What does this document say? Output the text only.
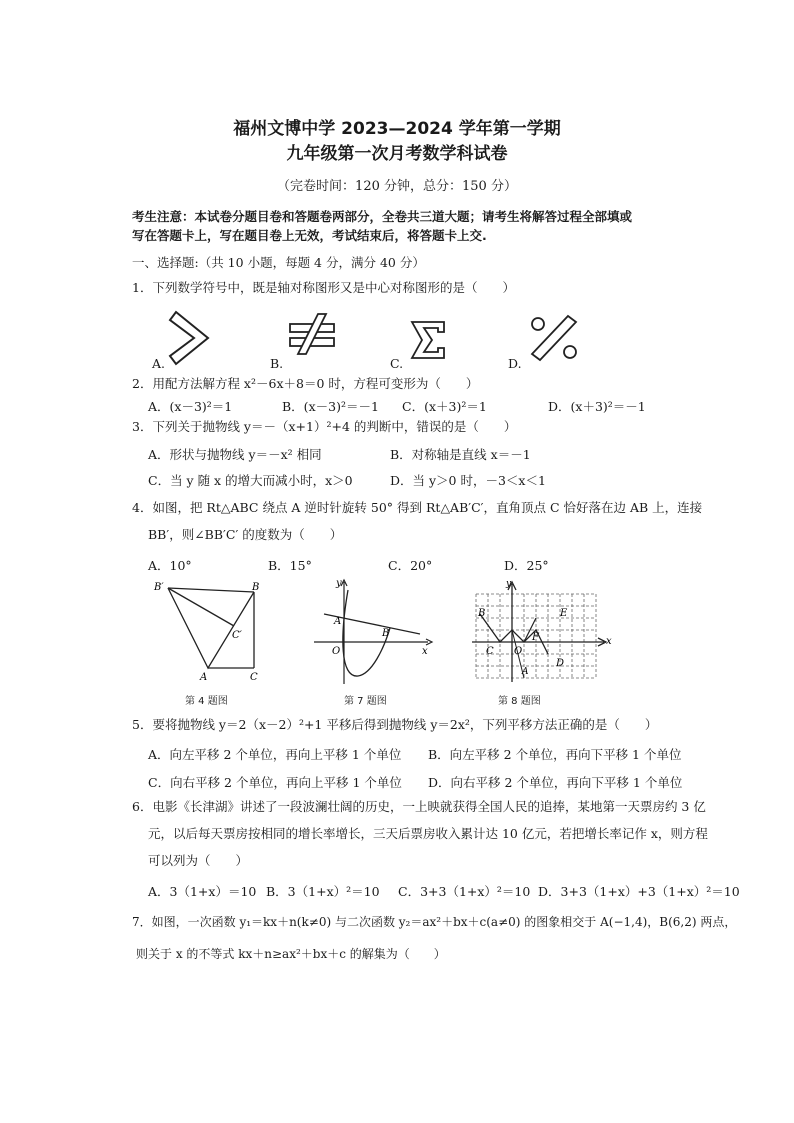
福州文博中学 2023—2024 学年第一学期
九年级第一次月考数学科试卷
（完卷时间：120 分钟，总分：150 分）
考生注意：本试卷分题目卷和答题卷两部分，全卷共三道大题；请考生将解答过程全部填或
写在答题卡上，写在题目卷上无效，考试结束后，将答题卡上交.
一、选择题:（共 10 小题，每题 4 分，满分 40 分）
1．下列数学符号中，既是轴对称图形又是中心对称图形的是（　　）
A.	B.	C.	D.
2．用配方法解方程 x²－6x＋8＝0 时，方程可变形为（　　）
A．(x－3)²＝1	B．(x－3)²＝－1 C．(x＋3)²＝1	D．(x＋3)²＝－1
3．下列关于抛物线 y＝－（x+1）²+4 的判断中，错误的是（　　）
A．形状与抛物线 y＝－x² 相同	B．对称轴是直线 x＝－1
C．当 y 随 x 的增大而减小时，x＞0	D．当 y＞0 时，－3＜x＜1
4．如图，把 Rt△ABC 绕点 A 逆时针旋转 50° 得到 Rt△AB′C′，直角顶点 C 恰好落在边 AB 上，连接
BB′，则∠BB′C′ 的度数为（　　）
A．10°	B．15°	C．20°	D．25°
B′	B
C′
A	C
第 4 题图
y
A
B
O	x
第 7 题图
y
B	E
F
C O
D
A
x
第 8 题图
5．要将抛物线 y＝2（x－2）²+1 平移后得到抛物线 y＝2x²，下列平移方法正确的是（　　）
A．向左平移 2 个单位，再向上平移 1 个单位 B．向左平移 2 个单位，再向下平移 1 个单位
C．向右平移 2 个单位，再向上平移 1 个单位 D．向右平移 2 个单位，再向下平移 1 个单位
6．电影《长津湖》讲述了一段波澜壮阔的历史，一上映就获得全国人民的追捧，某地第一天票房约 3 亿
元，以后每天票房按相同的增长率增长，三天后票房收入累计达 10 亿元，若把增长率记作 x，则方程
可以列为（　　）
A．3（1+x）＝10 B．3（1+x）²＝10 C．3+3（1+x）²＝10 D．3+3（1+x）+3（1+x）²＝10
7．如图，一次函数 y₁＝kx＋n(k≠0) 与二次函数 y₂＝ax²＋bx＋c(a≠0) 的图象相交于 A(−1,4)，B(6,2) 两点，
则关于 x 的不等式 kx＋n≥ax²＋bx＋c 的解集为（　　）
